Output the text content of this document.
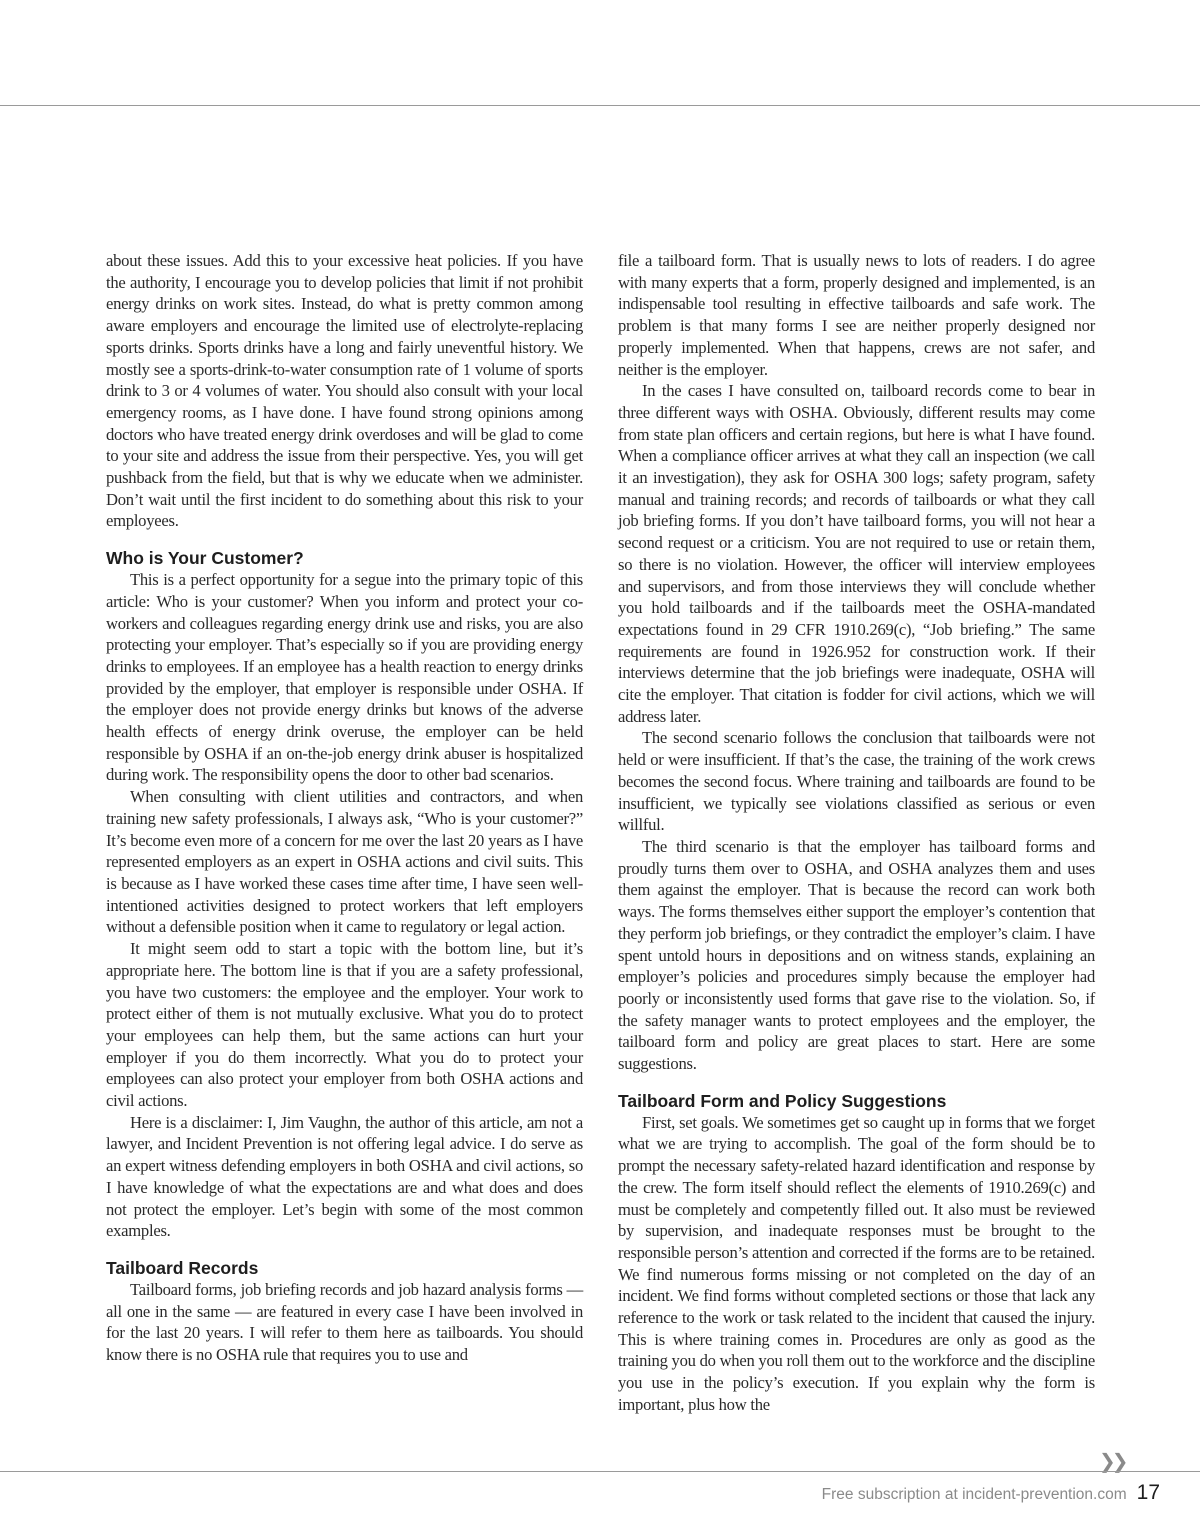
about these issues. Add this to your excessive heat policies. If you have the authority, I encourage you to develop policies that limit if not prohibit energy drinks on work sites. Instead, do what is pretty common among aware employers and encourage the limited use of electrolyte-replacing sports drinks. Sports drinks have a long and fairly uneventful history. We mostly see a sports-drink-to-water consumption rate of 1 volume of sports drink to 3 or 4 volumes of water. You should also consult with your local emergency rooms, as I have done. I have found strong opinions among doctors who have treated energy drink overdoses and will be glad to come to your site and address the issue from their perspective. Yes, you will get pushback from the field, but that is why we educate when we administer. Don’t wait until the first incident to do something about this risk to your employees.

Who is Your Customer?

This is a perfect opportunity for a segue into the primary topic of this article: Who is your customer? When you inform and protect your co-workers and colleagues regarding energy drink use and risks, you are also protecting your employer. That’s especially so if you are providing energy drinks to employees. If an employee has a health reaction to energy drinks provided by the employer, that employer is responsible under OSHA. If the employer does not provide energy drinks but knows of the adverse health effects of energy drink overuse, the employer can be held responsible by OSHA if an on-the-job energy drink abuser is hospitalized during work. The responsibility opens the door to other bad scenarios.

When consulting with client utilities and contractors, and when training new safety professionals, I always ask, “Who is your customer?” It’s become even more of a concern for me over the last 20 years as I have represented employers as an expert in OSHA actions and civil suits. This is because as I have worked these cases time after time, I have seen well-intentioned activities designed to protect workers that left employers without a defensible position when it came to regulatory or legal action.

It might seem odd to start a topic with the bottom line, but it’s appropriate here. The bottom line is that if you are a safety professional, you have two customers: the employee and the employer. Your work to protect either of them is not mutually exclusive. What you do to protect your employees can help them, but the same actions can hurt your employer if you do them incorrectly. What you do to protect your employees can also protect your employer from both OSHA actions and civil actions.

Here is a disclaimer: I, Jim Vaughn, the author of this article, am not a lawyer, and Incident Prevention is not offering legal advice. I do serve as an expert witness defending employers in both OSHA and civil actions, so I have knowledge of what the expectations are and what does and does not protect the employer. Let’s begin with some of the most common examples.

Tailboard Records

Tailboard forms, job briefing records and job hazard analysis forms — all one in the same — are featured in every case I have been involved in for the last 20 years. I will refer to them here as tailboards. You should know there is no OSHA rule that requires you to use and

file a tailboard form. That is usually news to lots of readers. I do agree with many experts that a form, properly designed and implemented, is an indispensable tool resulting in effective tailboards and safe work. The problem is that many forms I see are neither properly designed nor properly implemented. When that happens, crews are not safer, and neither is the employer.

In the cases I have consulted on, tailboard records come to bear in three different ways with OSHA. Obviously, different results may come from state plan officers and certain regions, but here is what I have found. When a compliance officer arrives at what they call an inspection (we call it an investigation), they ask for OSHA 300 logs; safety program, safety manual and training records; and records of tailboards or what they call job briefing forms. If you don’t have tailboard forms, you will not hear a second request or a criticism. You are not required to use or retain them, so there is no violation. However, the officer will interview employees and supervisors, and from those interviews they will conclude whether you hold tailboards and if the tailboards meet the OSHA-mandated expectations found in 29 CFR 1910.269(c), “Job briefing.” The same requirements are found in 1926.952 for construction work. If their interviews determine that the job briefings were inadequate, OSHA will cite the employer. That citation is fodder for civil actions, which we will address later.

The second scenario follows the conclusion that tailboards were not held or were insufficient. If that’s the case, the training of the work crews becomes the second focus. Where training and tailboards are found to be insufficient, we typically see violations classified as serious or even willful.

The third scenario is that the employer has tailboard forms and proudly turns them over to OSHA, and OSHA analyzes them and uses them against the employer. That is because the record can work both ways. The forms themselves either support the employer’s contention that they perform job briefings, or they contradict the employer’s claim. I have spent untold hours in depositions and on witness stands, explaining an employer’s policies and procedures simply because the employer had poorly or inconsistently used forms that gave rise to the violation. So, if the safety manager wants to protect employees and the employer, the tailboard form and policy are great places to start. Here are some suggestions.

Tailboard Form and Policy Suggestions

First, set goals. We sometimes get so caught up in forms that we forget what we are trying to accomplish. The goal of the form should be to prompt the necessary safety-related hazard identification and response by the crew. The form itself should reflect the elements of 1910.269(c) and must be completely and competently filled out. It also must be reviewed by supervision, and inadequate responses must be brought to the responsible person’s attention and corrected if the forms are to be retained. We find numerous forms missing or not completed on the day of an incident. We find forms without completed sections or those that lack any reference to the work or task related to the incident that caused the injury. This is where training comes in. Procedures are only as good as the training you do when you roll them out to the workforce and the discipline you use in the policy’s execution. If you explain why the form is important, plus how the

❯❯
Free subscription at incident-prevention.com 17
